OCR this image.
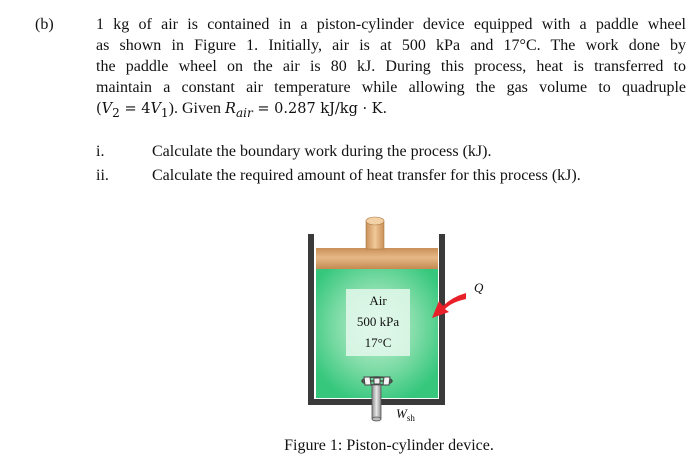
(b)	1 kg of air is contained in a piston-cylinder device equipped with a paddle wheel
as shown in Figure 1. Initially, air is at 500 kPa and 17°C. The work done by
the paddle wheel on the air is 80 kJ. During this process, heat is transferred to
maintain a constant air temperature while allowing the gas volume to quadruple
$(V_2 = 4V_1)$. Given $R_{air} = 0.287$ kJ/kg · K.
i.	Calculate the boundary work during the process (kJ).
ii.	Calculate the required amount of heat transfer for this process (kJ).
Air
500 kPa
17°C
Q
$W_{sh}$
Figure 1: Piston-cylinder device.
